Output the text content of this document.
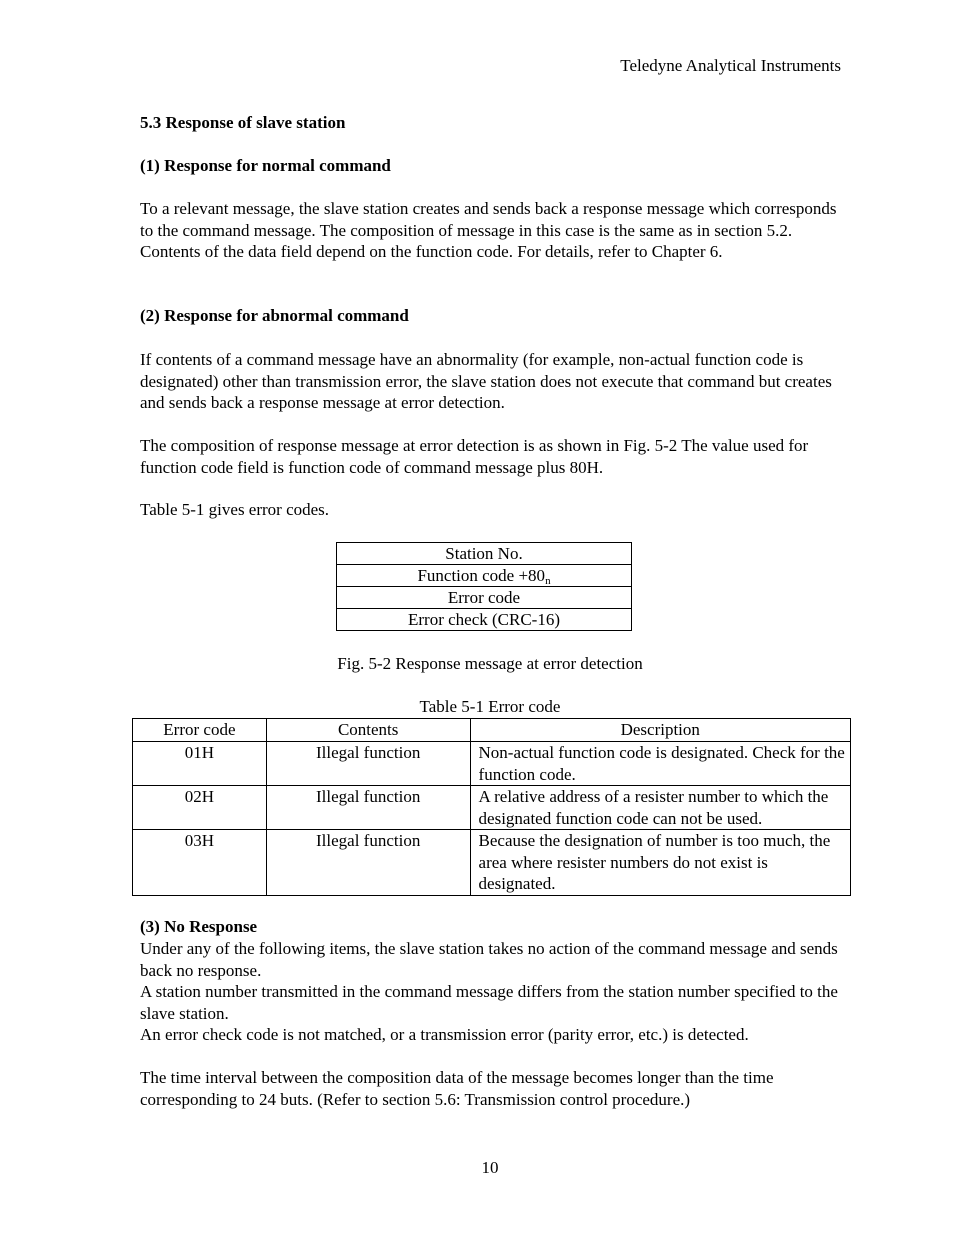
Teledyne Analytical Instruments

5.3 Response of slave station

(1) Response for normal command

To a relevant message, the slave station creates and sends back a response message which corresponds to the command message. The composition of message in this case is the same as in section 5.2. Contents of the data field depend on the function code. For details, refer to Chapter 6.

(2) Response for abnormal command

If contents of a command message have an abnormality (for example, non-actual function code is designated) other than transmission error, the slave station does not execute that command but creates and sends back a response message at error detection.

The composition of response message at error detection is as shown in Fig. 5-2 The value used for function code field is function code of command message plus 80H.

Table 5-1 gives error codes.

Station No.
Function code $+80_n$
Error code
Error check (CRC-16)
Fig. 5-2 Response message at error detection
Table 5-1 Error code
Error code	Contents	Description
01H	Illegal function	Non-actual function code is designated. Check for the function code.
02H	Illegal function	A relative address of a resister number to which the designated function code can not be used.
03H	Illegal function	Because the designation of number is too much, the area where resister numbers do not exist is designated.

(3) No Response

Under any of the following items, the slave station takes no action of the command message and sends back no response.

A station number transmitted in the command message differs from the station number specified to the slave station.

An error check code is not matched, or a transmission error (parity error, etc.) is detected.

The time interval between the composition data of the message becomes longer than the time corresponding to 24 buts. (Refer to section 5.6: Transmission control procedure.)

10
